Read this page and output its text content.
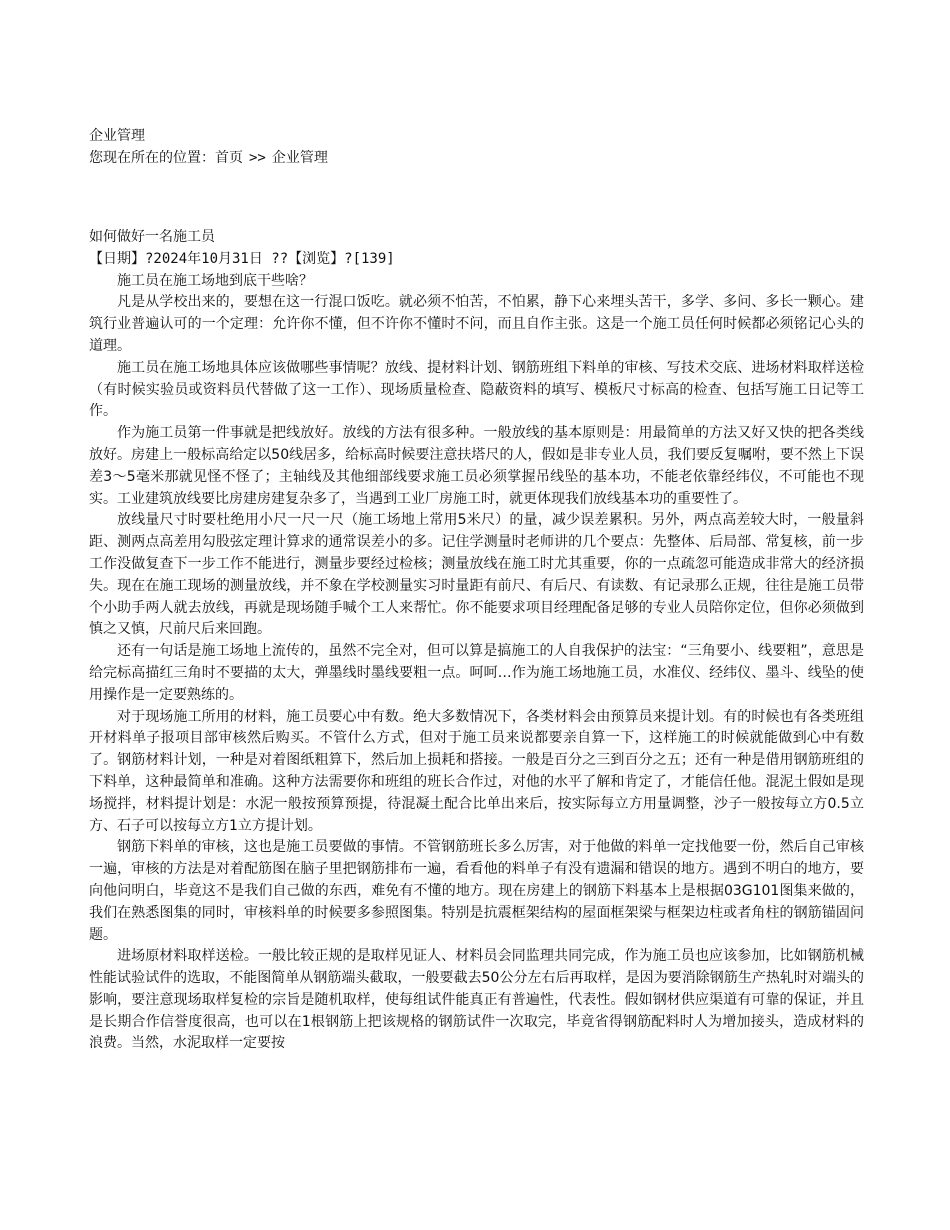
企业管理
您现在所在的位置：首页 >> 企业管理
如何做好一名施工员
【日期】?2024年10月31日 ??【浏览】?[139]

施工员在施工场地到底干些啥？

凡是从学校出来的，要想在这一行混口饭吃。就必须不怕苦，不怕累，静下心来埋头苦干，多学、多问、多长一颗心。建筑行业普遍认可的一个定理：允许你不懂，但不许你不懂时不问，而且自作主张。这是一个施工员任何时候都必须铭记心头的道理。

施工员在施工场地具体应该做哪些事情呢？放线、提材料计划、钢筋班组下料单的审核、写技术交底、进场材料取样送检（有时候实验员或资料员代替做了这一工作）、现场质量检查、隐蔽资料的填写、模板尺寸标高的检查、包括写施工日记等工作。

作为施工员第一件事就是把线放好。放线的方法有很多种。一般放线的基本原则是：用最简单的方法又好又快的把各类线放好。房建上一般标高给定以50线居多，给标高时候要注意扶塔尺的人，假如是非专业人员，我们要反复嘱咐，要不然上下误差3～5毫米那就见怪不怪了；主轴线及其他细部线要求施工员必须掌握吊线坠的基本功，不能老依靠经纬仪，不可能也不现实。工业建筑放线要比房建房建复杂多了，当遇到工业厂房施工时，就更体现我们放线基本功的重要性了。

放线量尺寸时要杜绝用小尺一尺一尺（施工场地上常用5米尺）的量，减少误差累积。另外，两点高差较大时，一般量斜距、测两点高差用勾股弦定理计算求的通常误差小的多。记住学测量时老师讲的几个要点：先整体、后局部、常复核，前一步工作没做复查下一步工作不能进行，测量步要经过检核；测量放线在施工时尤其重要，你的一点疏忽可能造成非常大的经济损失。现在在施工现场的测量放线，并不象在学校测量实习时量距有前尺、有后尺、有读数、有记录那么正规，往往是施工员带个小助手两人就去放线，再就是现场随手喊个工人来帮忙。你不能要求项目经理配备足够的专业人员陪你定位，但你必须做到慎之又慎，尺前尺后来回跑。

还有一句话是施工场地上流传的，虽然不完全对，但可以算是搞施工的人自我保护的法宝：“三角要小、线要粗”，意思是给完标高描红三角时不要描的太大，弹墨线时墨线要粗一点。呵呵…作为施工场地施工员，水准仪、经纬仪、墨斗、线坠的使用操作是一定要熟练的。

对于现场施工所用的材料，施工员要心中有数。绝大多数情况下，各类材料会由预算员来提计划。有的时候也有各类班组开材料单子报项目部审核然后购买。不管什么方式，但对于施工员来说都要亲自算一下，这样施工的时候就能做到心中有数了。钢筋材料计划，一种是对着图纸粗算下，然后加上损耗和搭接。一般是百分之三到百分之五；还有一种是借用钢筋班组的下料单，这种最简单和准确。这种方法需要你和班组的班长合作过，对他的水平了解和肯定了，才能信任他。混泥土假如是现场搅拌，材料提计划是：水泥一般按预算预提，待混凝土配合比单出来后，按实际每立方用量调整，沙子一般按每立方0.5立方、石子可以按每立方1立方提计划。

钢筋下料单的审核，这也是施工员要做的事情。不管钢筋班长多么厉害，对于他做的料单一定找他要一份，然后自己审核一遍，审核的方法是对着配筋图在脑子里把钢筋排布一遍，看看他的料单子有没有遗漏和错误的地方。遇到不明白的地方，要向他问明白，毕竟这不是我们自己做的东西，难免有不懂的地方。现在房建上的钢筋下料基本上是根据03G101图集来做的，我们在熟悉图集的同时，审核料单的时候要多参照图集。特别是抗震框架结构的屋面框架梁与框架边柱或者角柱的钢筋锚固问题。

进场原材料取样送检。一般比较正规的是取样见证人、材料员会同监理共同完成，作为施工员也应该参加，比如钢筋机械性能试验试件的选取，不能图简单从钢筋端头截取，一般要截去50公分左右后再取样，是因为要消除钢筋生产热轧时对端头的影响，要注意现场取样复检的宗旨是随机取样，使每组试件能真正有普遍性，代表性。假如钢材供应渠道有可靠的保证，并且是长期合作信誉度很高，也可以在1根钢筋上把该规格的钢筋试件一次取完，毕竟省得钢筋配料时人为增加接头，造成材料的浪费。当然，水泥取样一定要按
